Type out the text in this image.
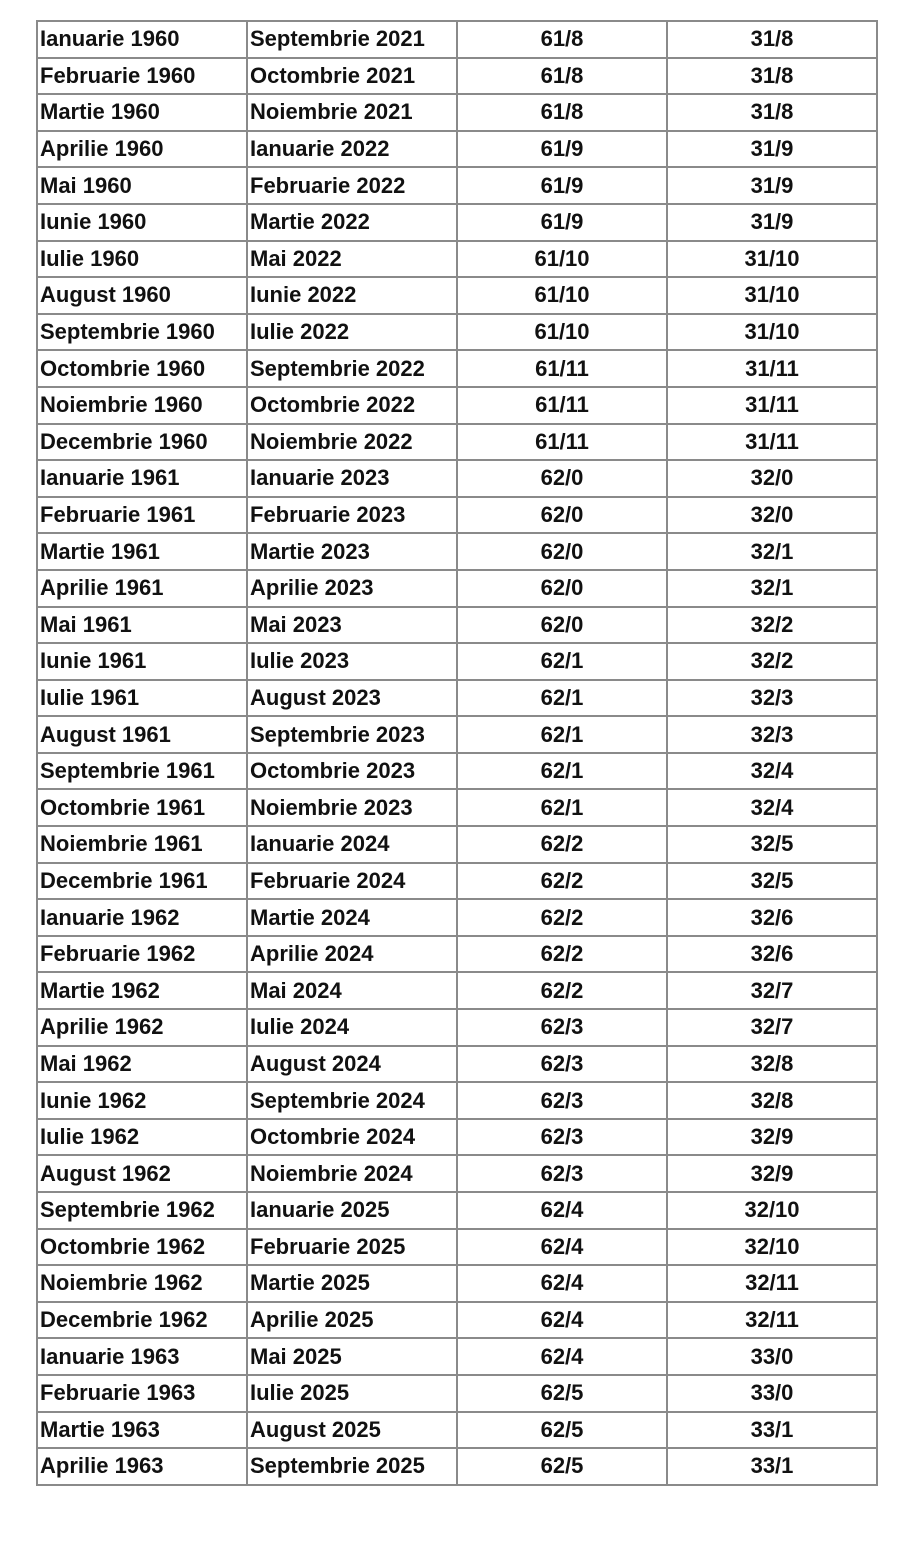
Ianuarie 1960	Septembrie 2021	61/8	31/8
Februarie 1960	Octombrie 2021	61/8	31/8
Martie 1960	Noiembrie 2021	61/8	31/8
Aprilie 1960	Ianuarie 2022	61/9	31/9
Mai 1960	Februarie 2022	61/9	31/9
Iunie 1960	Martie 2022	61/9	31/9
Iulie 1960	Mai 2022	61/10	31/10
August 1960	Iunie 2022	61/10	31/10
Septembrie 1960	Iulie 2022	61/10	31/10
Octombrie 1960	Septembrie 2022	61/11	31/11
Noiembrie 1960	Octombrie 2022	61/11	31/11
Decembrie 1960	Noiembrie 2022	61/11	31/11
Ianuarie 1961	Ianuarie 2023	62/0	32/0
Februarie 1961	Februarie 2023	62/0	32/0
Martie 1961	Martie 2023	62/0	32/1
Aprilie 1961	Aprilie 2023	62/0	32/1
Mai 1961	Mai 2023	62/0	32/2
Iunie 1961	Iulie 2023	62/1	32/2
Iulie 1961	August 2023	62/1	32/3
August 1961	Septembrie 2023	62/1	32/3
Septembrie 1961	Octombrie 2023	62/1	32/4
Octombrie 1961	Noiembrie 2023	62/1	32/4
Noiembrie 1961	Ianuarie 2024	62/2	32/5
Decembrie 1961	Februarie 2024	62/2	32/5
Ianuarie 1962	Martie 2024	62/2	32/6
Februarie 1962	Aprilie 2024	62/2	32/6
Martie 1962	Mai 2024	62/2	32/7
Aprilie 1962	Iulie 2024	62/3	32/7
Mai 1962	August 2024	62/3	32/8
Iunie 1962	Septembrie 2024	62/3	32/8
Iulie 1962	Octombrie 2024	62/3	32/9
August 1962	Noiembrie 2024	62/3	32/9
Septembrie 1962	Ianuarie 2025	62/4	32/10
Octombrie 1962	Februarie 2025	62/4	32/10
Noiembrie 1962	Martie 2025	62/4	32/11
Decembrie 1962	Aprilie 2025	62/4	32/11
Ianuarie 1963	Mai 2025	62/4	33/0
Februarie 1963	Iulie 2025	62/5	33/0
Martie 1963	August 2025	62/5	33/1
Aprilie 1963	Septembrie 2025	62/5	33/1
